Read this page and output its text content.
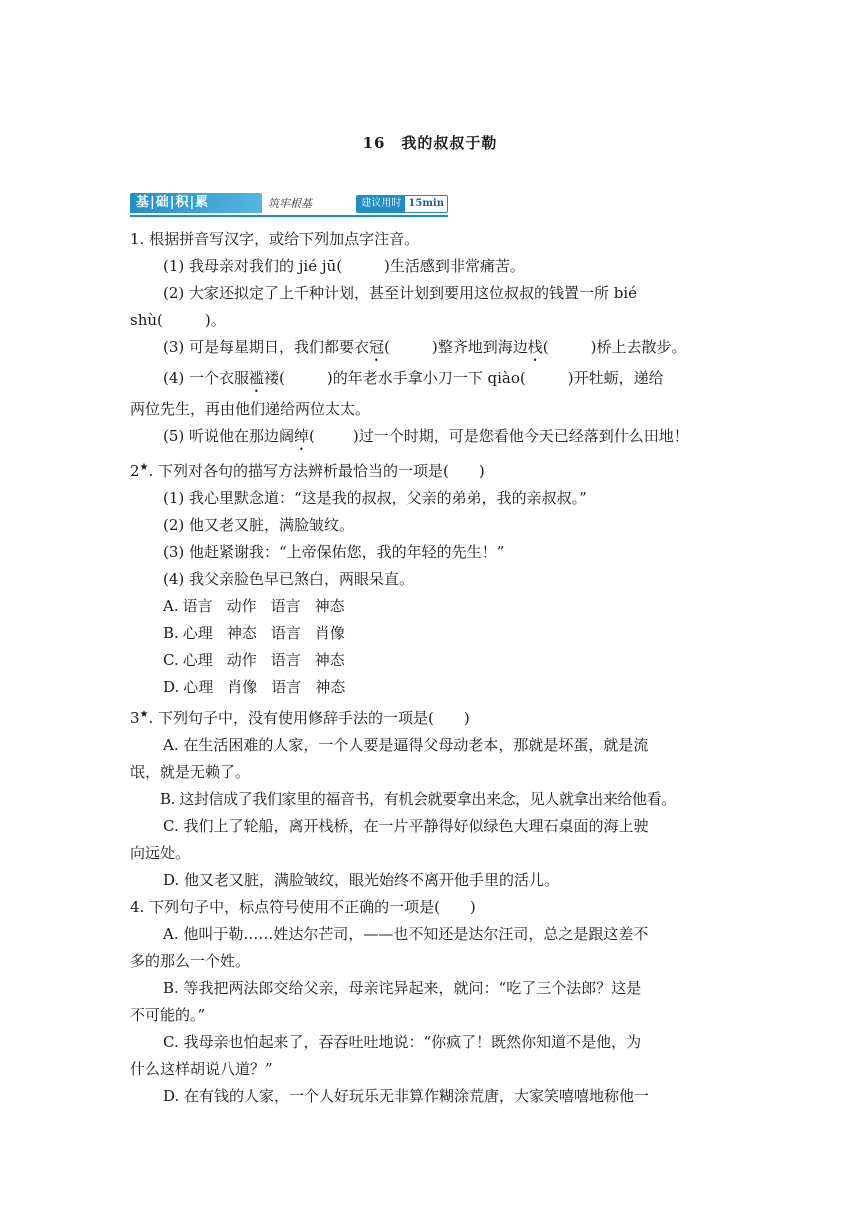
16　我的叔叔于勒
基|础|积|累	筑牢根基	建议用时 15min
1. 根据拼音写汉字，或给下列加点字注音。
(1) 我母亲对我们的 jié jū(	)生活感到非常痛苦。
(2) 大家还拟定了上千种计划，甚至计划到要用这位叔叔的钱置一所 bié
shù(	)。
(3) 可是每星期日，我们都要衣冠(	)整齐地到海边栈(	)桥上去散步。
(4) 一个衣服褴褛(	)的年老水手拿小刀一下 qiào(	)开牡蛎，递给
两位先生，再由他们递给两位太太。
(5) 听说他在那边阔绰(	)过一个时期，可是您看他今天已经落到什么田地！
2★. 下列对各句的描写方法辨析最恰当的一项是(　　)
(1) 我心里默念道：“这是我的叔叔，父亲的弟弟，我的亲叔叔。”
(2) 他又老又脏，满脸皱纹。
(3) 他赶紧谢我：“上帝保佑您，我的年轻的先生！”
(4) 我父亲脸色早已煞白，两眼呆直。
A. 语言 动作 语言 神态
B. 心理 神态 语言 肖像
C. 心理 动作 语言 神态
D. 心理 肖像 语言 神态
3★. 下列句子中，没有使用修辞手法的一项是(　　)
A. 在生活困难的人家，一个人要是逼得父母动老本，那就是坏蛋，就是流
氓，就是无赖了。
B. 这封信成了我们家里的福音书，有机会就要拿出来念，见人就拿出来给他看。
C. 我们上了轮船，离开栈桥，在一片平静得好似绿色大理石桌面的海上驶
向远处。
D. 他又老又脏，满脸皱纹，眼光始终不离开他手里的活儿。
4. 下列句子中，标点符号使用不正确的一项是(　　)
A. 他叫于勒……姓达尔芒司，——也不知还是达尔汪司，总之是跟这差不
多的那么一个姓。
B. 等我把两法郎交给父亲，母亲诧异起来，就问：“吃了三个法郎？这是
不可能的。”
C. 我母亲也怕起来了，吞吞吐吐地说：“你疯了！既然你知道不是他，为
什么这样胡说八道？”
D. 在有钱的人家，一个人好玩乐无非算作糊涂荒唐，大家笑嘻嘻地称他一
